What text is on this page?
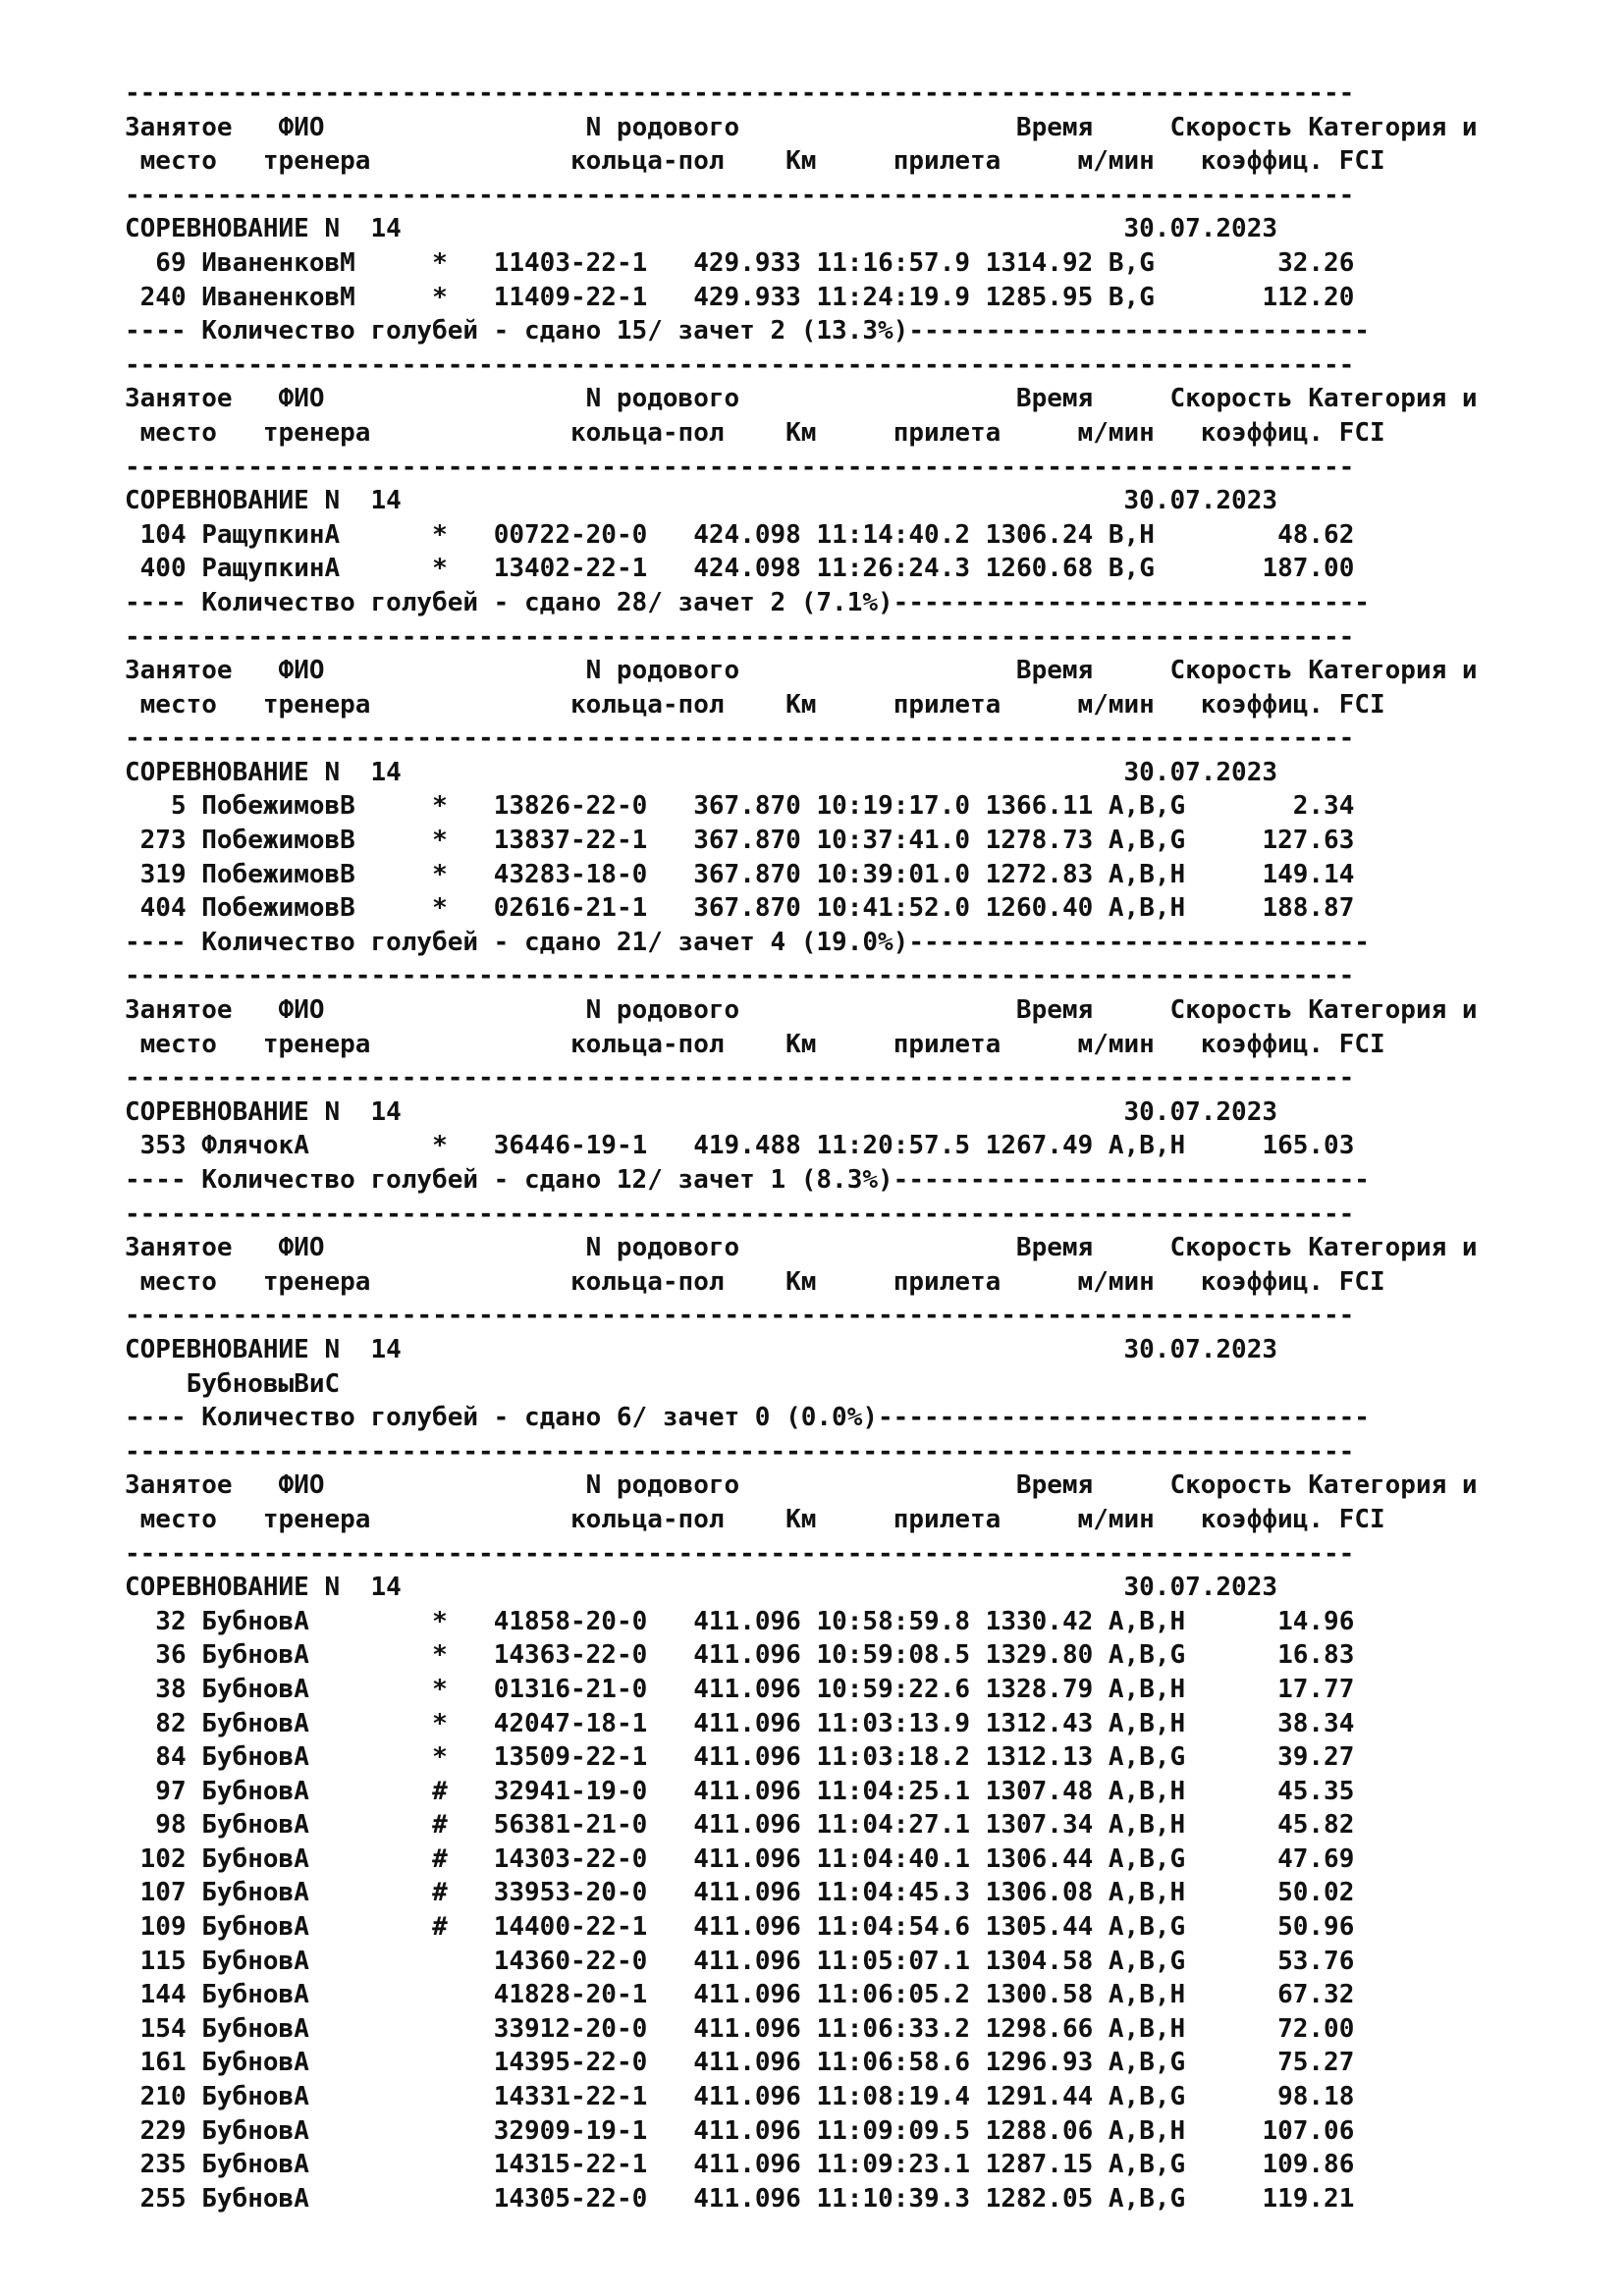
--------------------------------------------------------------------------------
Занятое   ФИО                 N родового                  Время	Скорость Категория и
место   тренера             кольца-пол    Км     прилета     м/мин   коэффиц. FCI
--------------------------------------------------------------------------------
СОРЕВНОВАНИЕ N 14                                               30.07.2023
69 ИваненковМ     * 11403-22-1 429.933 11:16:57.9 1314.92 B,G        32.26
240 ИваненковМ     * 11409-22-1 429.933 11:24:19.9 1285.95 B,G       112.20
---- Количество голубей - сдано 15/ зачет 2 (13.3%)------------------------------
--------------------------------------------------------------------------------
Занятое   ФИО                 N родового                  Время	Скорость Категория и
место   тренера             кольца-пол    Км     прилета     м/мин   коэффиц. FCI
--------------------------------------------------------------------------------
СОРЕВНОВАНИЕ N 14                                               30.07.2023
104 РащупкинА      * 00722-20-0 424.098 11:14:40.2 1306.24 B,H        48.62
400 РащупкинА      * 13402-22-1 424.098 11:26:24.3 1260.68 B,G       187.00
---- Количество голубей - сдано 28/ зачет 2 (7.1%)-------------------------------
--------------------------------------------------------------------------------
Занятое   ФИО                 N родового                  Время	Скорость Категория и
место   тренера             кольца-пол    Км     прилета     м/мин   коэффиц. FCI
--------------------------------------------------------------------------------
СОРЕВНОВАНИЕ N 14                                               30.07.2023
5 ПобежимовВ     * 13826-22-0 367.870 10:19:17.0 1366.11 A,B,G       2.34
273 ПобежимовВ     * 13837-22-1 367.870 10:37:41.0 1278.73 A,B,G     127.63
319 ПобежимовВ     * 43283-18-0 367.870 10:39:01.0 1272.83 A,B,H     149.14
404 ПобежимовВ     * 02616-21-1 367.870 10:41:52.0 1260.40 A,B,H     188.87
---- Количество голубей - сдано 21/ зачет 4 (19.0%)------------------------------
--------------------------------------------------------------------------------
Занятое   ФИО                 N родового                  Время	Скорость Категория и
место   тренера             кольца-пол    Км     прилета     м/мин   коэффиц. FCI
--------------------------------------------------------------------------------
СОРЕВНОВАНИЕ N 14                                               30.07.2023
353 ФлячокА        * 36446-19-1 419.488 11:20:57.5 1267.49 A,B,H     165.03
---- Количество голубей - сдано 12/ зачет 1 (8.3%)-------------------------------
--------------------------------------------------------------------------------
Занятое   ФИО                 N родового                  Время	Скорость Категория и
место   тренера             кольца-пол    Км     прилета     м/мин   коэффиц. FCI
--------------------------------------------------------------------------------
СОРЕВНОВАНИЕ N 14                                               30.07.2023
БубновыВиС
---- Количество голубей - сдано 6/ зачет 0 (0.0%)--------------------------------
--------------------------------------------------------------------------------
Занятое   ФИО                 N родового                  Время	Скорость Категория и
место   тренера             кольца-пол    Км     прилета     м/мин   коэффиц. FCI
--------------------------------------------------------------------------------
СОРЕВНОВАНИЕ N 14                                               30.07.2023
32 БубновА        * 41858-20-0 411.096 10:58:59.8 1330.42 A,B,H      14.96
36 БубновА        * 14363-22-0 411.096 10:59:08.5 1329.80 A,B,G      16.83
38 БубновА        * 01316-21-0 411.096 10:59:22.6 1328.79 A,B,H      17.77
82 БубновА        * 42047-18-1 411.096 11:03:13.9 1312.43 A,B,H      38.34
84 БубновА        * 13509-22-1 411.096 11:03:18.2 1312.13 A,B,G      39.27
97 БубновА        # 32941-19-0 411.096 11:04:25.1 1307.48 A,B,H      45.35
98 БубновА        # 56381-21-0 411.096 11:04:27.1 1307.34 A,B,H      45.82
102 БубновА        # 14303-22-0 411.096 11:04:40.1 1306.44 A,B,G      47.69
107 БубновА        # 33953-20-0 411.096 11:04:45.3 1306.08 A,B,H      50.02
109 БубновА        # 14400-22-1 411.096 11:04:54.6 1305.44 A,B,G      50.96
115 БубновА	14360-22-0 411.096 11:05:07.1 1304.58 A,B,G      53.76
144 БубновА	41828-20-1 411.096 11:06:05.2 1300.58 A,B,H      67.32
154 БубновА	33912-20-0 411.096 11:06:33.2 1298.66 A,B,H      72.00
161 БубновА	14395-22-0 411.096 11:06:58.6 1296.93 A,B,G      75.27
210 БубновА	14331-22-1 411.096 11:08:19.4 1291.44 A,B,G      98.18
229 БубновА	32909-19-1 411.096 11:09:09.5 1288.06 A,B,H     107.06
235 БубновА	14315-22-1 411.096 11:09:23.1 1287.15 A,B,G     109.86
255 БубновА	14305-22-0 411.096 11:10:39.3 1282.05 A,B,G     119.21
